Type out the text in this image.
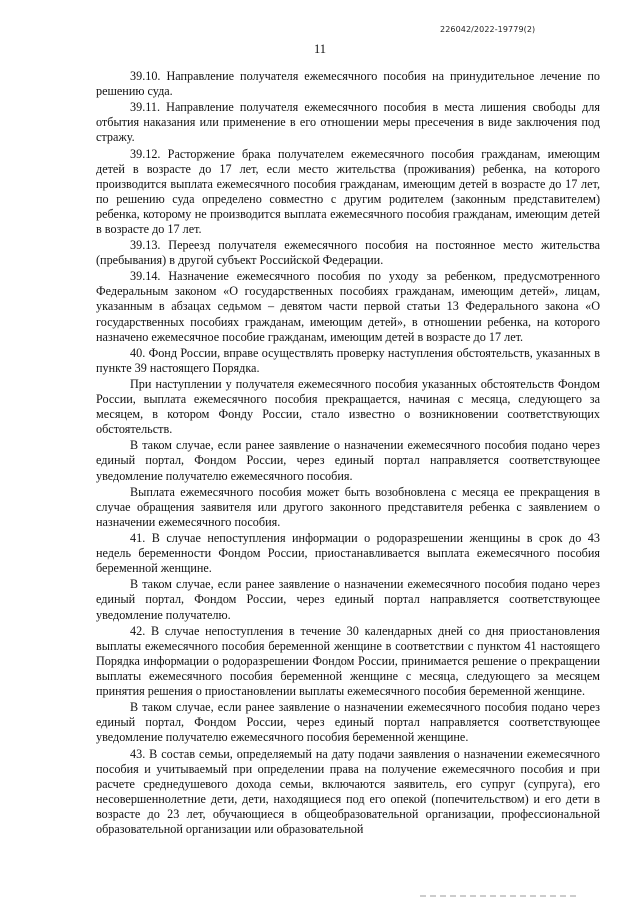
226042/2022-19779(2)
11

39.10. Направление получателя ежемесячного пособия на принудительное лечение по решению суда.

39.11. Направление получателя ежемесячного пособия в места лишения свободы для отбытия наказания или применение в его отношении меры пресечения в виде заключения под стражу.

39.12. Расторжение брака получателем ежемесячного пособия гражданам, имеющим детей в возрасте до 17 лет, если место жительства (проживания) ребенка, на которого производится выплата ежемесячного пособия гражданам, имеющим детей в возрасте до 17 лет, по решению суда определено совместно с другим родителем (законным представителем) ребенка, которому не производится выплата ежемесячного пособия гражданам, имеющим детей в возрасте до 17 лет.

39.13. Переезд получателя ежемесячного пособия на постоянное место жительства (пребывания) в другой субъект Российской Федерации.

39.14. Назначение ежемесячного пособия по уходу за ребенком, предусмотренного Федеральным законом «О государственных пособиях гражданам, имеющим детей», лицам, указанным в абзацах седьмом – девятом части первой статьи 13 Федерального закона «О государственных пособиях гражданам, имеющим детей», в отношении ребенка, на которого назначено ежемесячное пособие гражданам, имеющим детей в возрасте до 17 лет.

40. Фонд России, вправе осуществлять проверку наступления обстоятельств, указанных в пункте 39 настоящего Порядка.

При наступлении у получателя ежемесячного пособия указанных обстоятельств Фондом России, выплата ежемесячного пособия прекращается, начиная с месяца, следующего за месяцем, в котором Фонду России, стало известно о возникновении соответствующих обстоятельств.

В таком случае, если ранее заявление о назначении ежемесячного пособия подано через единый портал, Фондом России, через единый портал направляется соответствующее уведомление получателю ежемесячного пособия.

Выплата ежемесячного пособия может быть возобновлена с месяца ее прекращения в случае обращения заявителя или другого законного представителя ребенка с заявлением о назначении ежемесячного пособия.

41. В случае непоступления информации о родоразрешении женщины в срок до 43 недель беременности Фондом России, приостанавливается выплата ежемесячного пособия беременной женщине.

В таком случае, если ранее заявление о назначении ежемесячного пособия подано через единый портал, Фондом России, через единый портал направляется соответствующее уведомление получателю.

42. В случае непоступления в течение 30 календарных дней со дня приостановления выплаты ежемесячного пособия беременной женщине в соответствии с пунктом 41 настоящего Порядка информации о родоразрешении Фондом России, принимается решение о прекращении выплаты ежемесячного пособия беременной женщине с месяца, следующего за месяцем принятия решения о приостановлении выплаты ежемесячного пособия беременной женщине.

В таком случае, если ранее заявление о назначении ежемесячного пособия подано через единый портал, Фондом России, через единый портал направляется соответствующее уведомление получателю ежемесячного пособия беременной женщине.

43. В состав семьи, определяемый на дату подачи заявления о назначении ежемесячного пособия и учитываемый при определении права на получение ежемесячного пособия и при расчете среднедушевого дохода семьи, включаются заявитель, его супруг (супруга), его несовершеннолетние дети, дети, находящиеся под его опекой (попечительством) и его дети в возрасте до 23 лет, обучающиеся в общеобразовательной организации, профессиональной образовательной организации или образовательной
